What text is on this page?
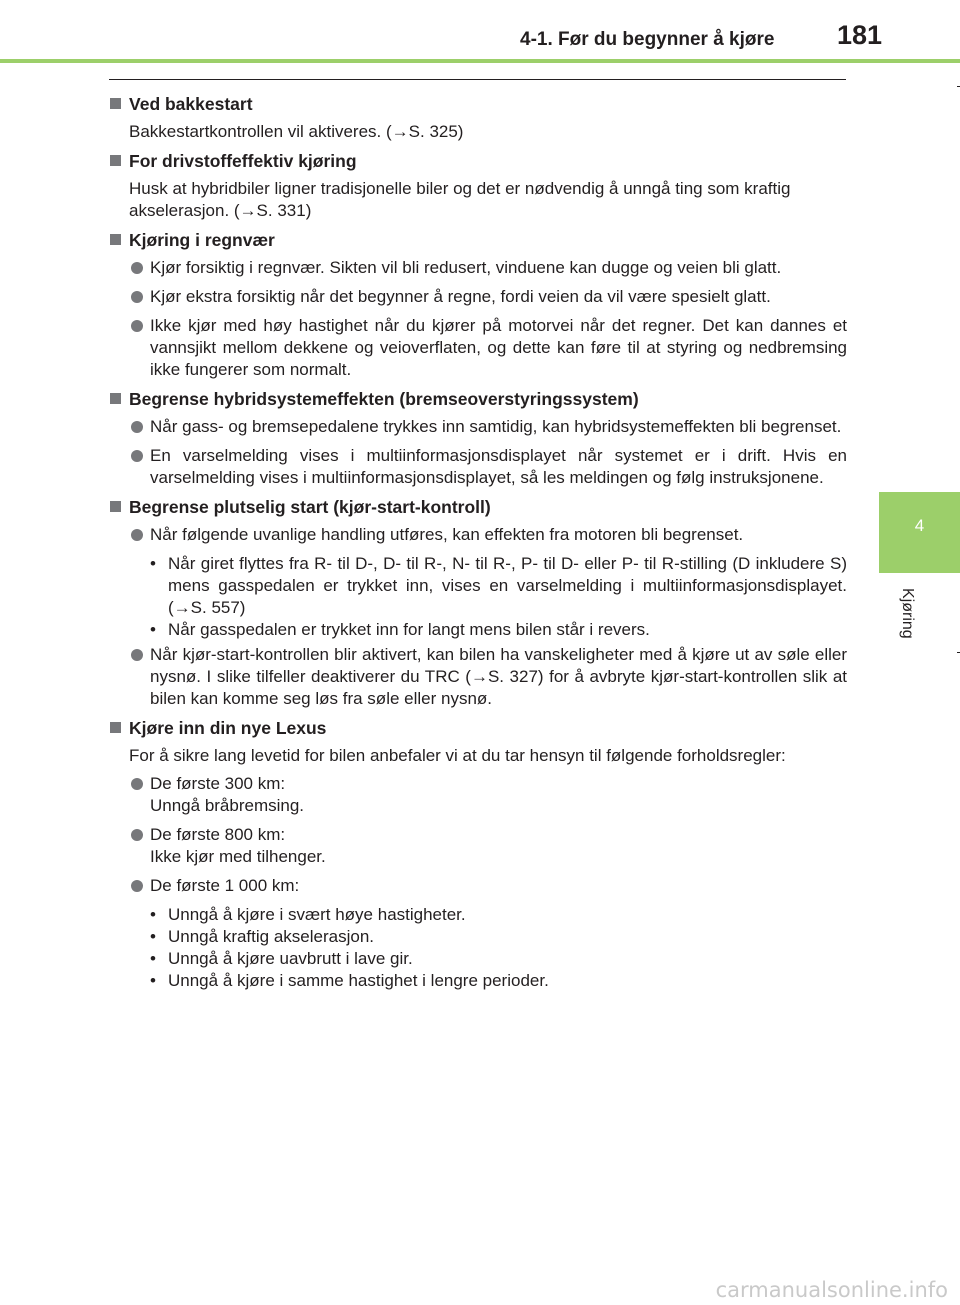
4-1. Før du begynner å kjøre 181
4
Kjøring
Ved bakkestart
Bakkestartkontrollen vil aktiveres. (→S. 325)
For drivstoffeffektiv kjøring
Husk at hybridbiler ligner tradisjonelle biler og det er nødvendig å unngå ting som kraftig akselerasjon. (→S. 331)
Kjøring i regnvær
Kjør forsiktig i regnvær. Sikten vil bli redusert, vinduene kan dugge og veien bli glatt.
Kjør ekstra forsiktig når det begynner å regne, fordi veien da vil være spesielt glatt.
Ikke kjør med høy hastighet når du kjører på motorvei når det regner. Det kan dannes et vannsjikt mellom dekkene og veioverflaten, og dette kan føre til at styring og nedbremsing ikke fungerer som normalt.
Begrense hybridsystemeffekten (bremseoverstyringssystem)
Når gass- og bremsepedalene trykkes inn samtidig, kan hybridsystemeffekten bli begrenset.
En varselmelding vises i multiinformasjonsdisplayet når systemet er i drift. Hvis en varselmelding vises i multiinformasjonsdisplayet, så les meldingen og følg instruksjonene.
Begrense plutselig start (kjør-start-kontroll)
Når følgende uvanlige handling utføres, kan effekten fra motoren bli begrenset.
• Når giret flyttes fra R- til D-, D- til R-, N- til R-, P- til D- eller P- til R-stilling (D inkludere S) mens gasspedalen er trykket inn, vises en varselmelding i multiinformasjonsdisplayet. (→S. 557)
• Når gasspedalen er trykket inn for langt mens bilen står i revers.
Når kjør-start-kontrollen blir aktivert, kan bilen ha vanskeligheter med å kjøre ut av søle eller nysnø. I slike tilfeller deaktiverer du TRC (→S. 327) for å avbryte kjør-start-kontrollen slik at bilen kan komme seg løs fra søle eller nysnø.
Kjøre inn din nye Lexus
For å sikre lang levetid for bilen anbefaler vi at du tar hensyn til følgende forholdsregler:
De første 300 km:
Unngå bråbremsing.
De første 800 km:
Ikke kjør med tilhenger.
De første 1 000 km:
• Unngå å kjøre i svært høye hastigheter.
• Unngå kraftig akselerasjon.
• Unngå å kjøre uavbrutt i lave gir.
• Unngå å kjøre i samme hastighet i lengre perioder.
carmanualsonline.info
